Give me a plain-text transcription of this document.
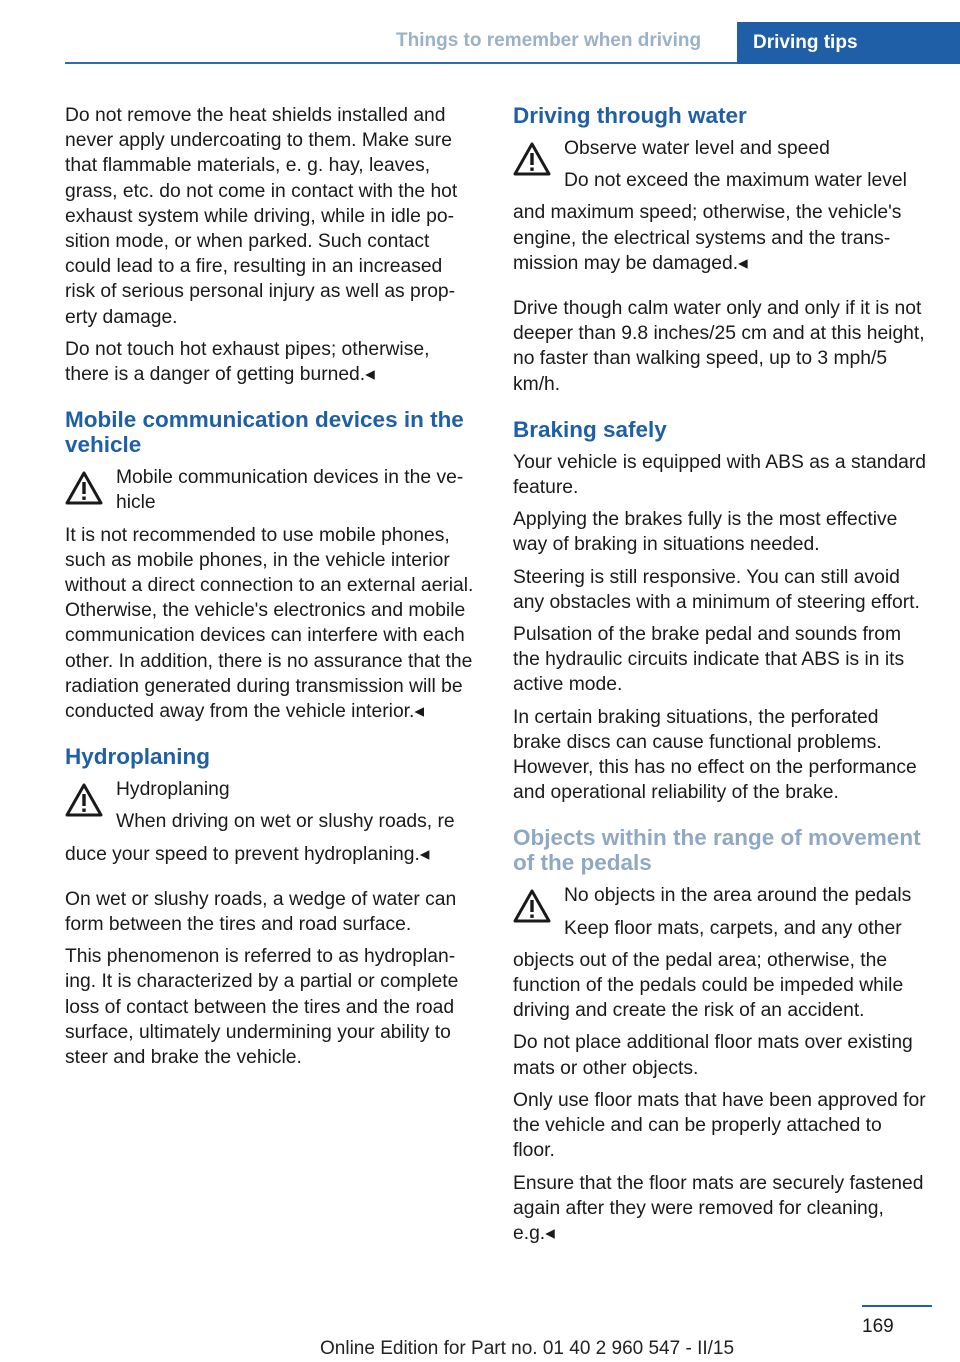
Things to remember when driving	Driving tips

Do not remove the heat shields installed and never apply undercoating to them. Make sure that flammable materials, e. g. hay, leaves, grass, etc. do not come in contact with the hot exhaust system while driving, while in idle position mode, or when parked. Such contact could lead to a fire, resulting in an increased risk of serious personal injury as well as property damage.

Do not touch hot exhaust pipes; otherwise, there is a danger of getting burned.◂

Mobile communication devices in the vehicle
Mobile communication devices in the vehicle

It is not recommended to use mobile phones, such as mobile phones, in the vehicle interior without a direct connection to an external aerial. Otherwise, the vehicle's electronics and mobile communication devices can interfere with each other. In addition, there is no assurance that the radiation generated during transmission will be conducted away from the vehicle interior.◂

Hydroplaning
Hydroplaning
When driving on wet or slushy roads, re

duce your speed to prevent hydroplaning.◂

On wet or slushy roads, a wedge of water can form between the tires and road surface.

This phenomenon is referred to as hydroplaning. It is characterized by a partial or complete loss of contact between the tires and the road surface, ultimately undermining your ability to steer and brake the vehicle.

Driving through water
Observe water level and speed
Do not exceed the maximum water level

and maximum speed; otherwise, the vehicle's engine, the electrical systems and the transmission may be damaged.◂

Drive though calm water only and only if it is not deeper than 9.8 inches/25 cm and at this height, no faster than walking speed, up to 3 mph/5 km/h.

Braking safely

Your vehicle is equipped with ABS as a standard feature.

Applying the brakes fully is the most effective way of braking in situations needed.

Steering is still responsive. You can still avoid any obstacles with a minimum of steering effort.

Pulsation of the brake pedal and sounds from the hydraulic circuits indicate that ABS is in its active mode.

In certain braking situations, the perforated brake discs can cause functional problems. However, this has no effect on the performance and operational reliability of the brake.

Objects within the range of movement of the pedals
No objects in the area around the pedals
Keep floor mats, carpets, and any other

objects out of the pedal area; otherwise, the function of the pedals could be impeded while driving and create the risk of an accident.

Do not place additional floor mats over existing mats or other objects.

Only use floor mats that have been approved for the vehicle and can be properly attached to floor.

Ensure that the floor mats are securely fastened again after they were removed for cleaning, e.g.◂

169
Online Edition for Part no. 01 40 2 960 547 - II/15
